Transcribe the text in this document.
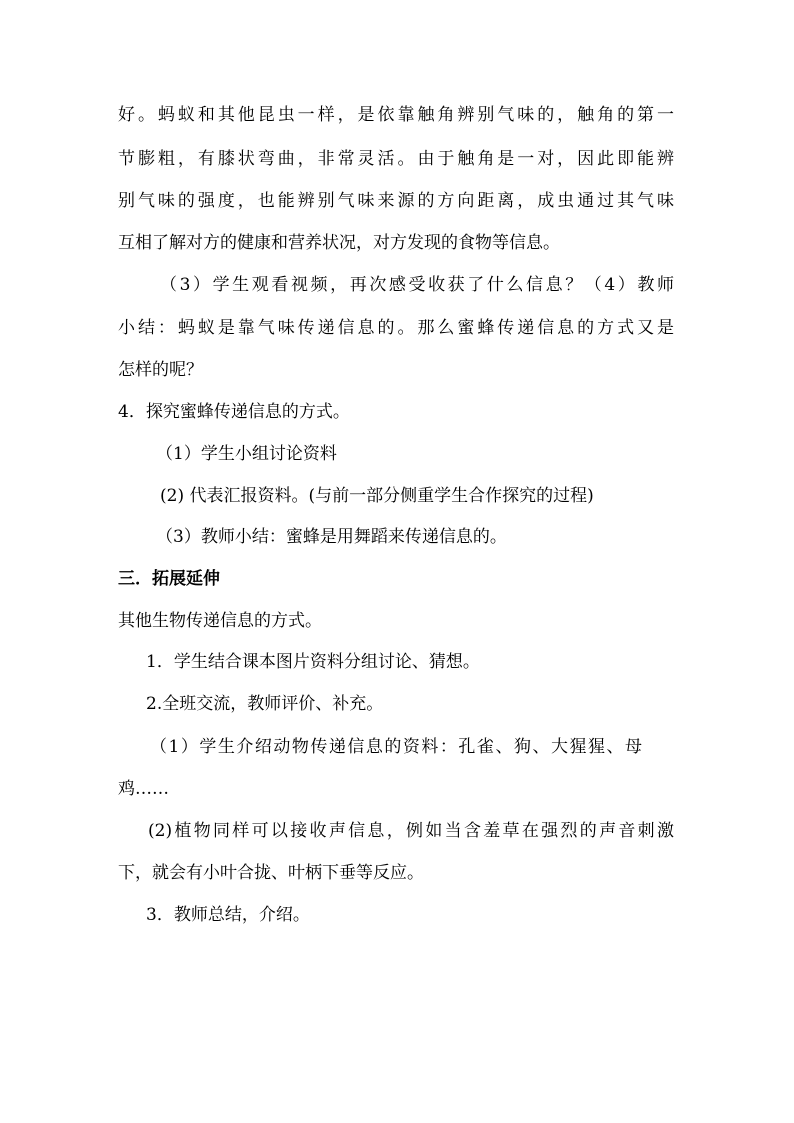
好。蚂蚁和其他昆虫一样，是依靠触角辨别气味的，触角的第一
节膨粗，有膝状弯曲，非常灵活。由于触角是一对，因此即能辨
别气味的强度，也能辨别气味来源的方向距离，成虫通过其气味
互相了解对方的健康和营养状况，对方发现的食物等信息。
（3）学生观看视频，再次感受收获了什么信息？（4）教师
小结：蚂蚁是靠气味传递信息的。那么蜜蜂传递信息的方式又是
怎样的呢？
4．探究蜜蜂传递信息的方式。
（1）学生小组讨论资料
(2) 代表汇报资料。(与前一部分侧重学生合作探究的过程)
（3）教师小结：蜜蜂是用舞蹈来传递信息的。
三．拓展延伸
其他生物传递信息的方式。
1．学生结合课本图片资料分组讨论、猜想。
2.全班交流，教师评价、补充。
（1）学生介绍动物传递信息的资料：孔雀、狗、大猩猩、母
鸡……
(2)植物同样可以接收声信息，例如当含羞草在强烈的声音刺激
下，就会有小叶合拢、叶柄下垂等反应。
3．教师总结，介绍。
